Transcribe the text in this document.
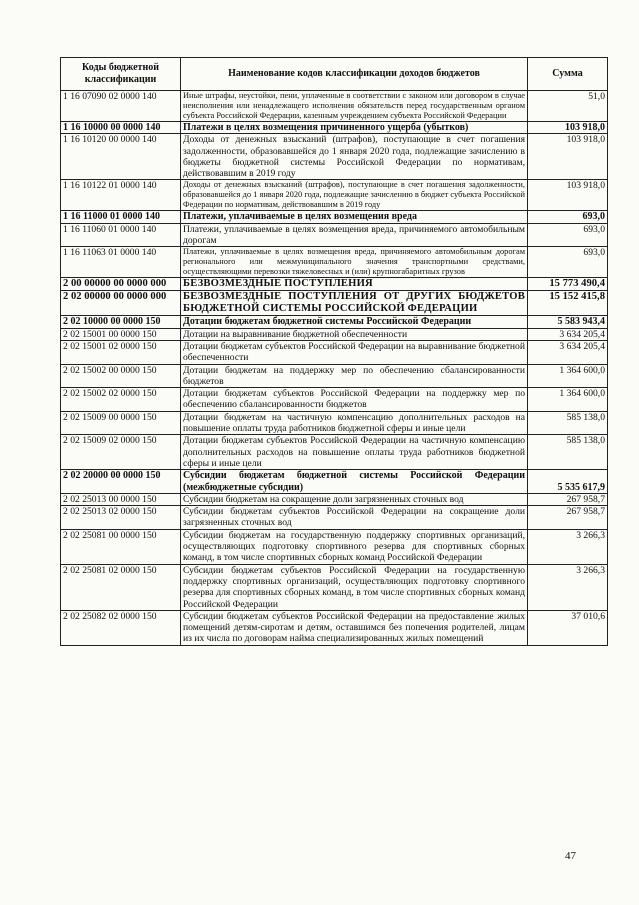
Коды бюджетной классификации	Наименование кодов классификации доходов бюджетов	Сумма
1 16 07090 02 0000 140	Иные штрафы, неустойки, пени, уплаченные в соответствии с законом или договором в случае неисполнения или ненадлежащего исполнения обязательств перед государственным органом субъекта Российской Федерации, казенным учреждением субъекта Российской Федерации	51,0
1 16 10000 00 0000 140	Платежи в целях возмещения причиненного ущерба (убытков)	103 918,0
1 16 10120 00 0000 140	Доходы от денежных взысканий (штрафов), поступающие в счет погашения задолженности, образовавшейся до 1 января 2020 года, подлежащие зачислению в бюджеты бюджетной системы Российской Федерации по нормативам, действовавшим в 2019 году	103 918,0
1 16 10122 01 0000 140	Доходы от денежных взысканий (штрафов), поступающие в счет погашения задолженности, образовавшейся до 1 января 2020 года, подлежащие зачислению в бюджет субъекта Российской Федерации по нормативам, действовавшим в 2019 году	103 918,0
1 16 11000 01 0000 140	Платежи, уплачиваемые в целях возмещения вреда	693,0
1 16 11060 01 0000 140	Платежи, уплачиваемые в целях возмещения вреда, причиняемого автомобильным дорогам	693,0
1 16 11063 01 0000 140	Платежи, уплачиваемые в целях возмещения вреда, причиняемого автомобильным дорогам регионального или межмуниципального значения транспортными средствами, осуществляющими перевозки тяжеловесных и (или) крупногабаритных грузов	693,0
2 00 00000 00 0000 000	БЕЗВОЗМЕЗДНЫЕ ПОСТУПЛЕНИЯ	15 773 490,4
2 02 00000 00 0000 000	БЕЗВОЗМЕЗДНЫЕ ПОСТУПЛЕНИЯ ОТ ДРУГИХ БЮДЖЕТОВ БЮДЖЕТНОЙ СИСТЕМЫ РОССИЙСКОЙ ФЕДЕРАЦИИ	15 152 415,8
2 02 10000 00 0000 150	Дотации бюджетам бюджетной системы Российской Федерации	5 583 943,4
2 02 15001 00 0000 150	Дотации на выравнивание бюджетной обеспеченности	3 634 205,4
2 02 15001 02 0000 150	Дотации бюджетам субъектов Российской Федерации на выравнивание бюджетной обеспеченности	3 634 205,4
2 02 15002 00 0000 150	Дотации бюджетам на поддержку мер по обеспечению сбалансированности бюджетов	1 364 600,0
2 02 15002 02 0000 150	Дотации бюджетам субъектов Российской Федерации на поддержку мер по обеспечению сбалансированности бюджетов	1 364 600,0
2 02 15009 00 0000 150	Дотации бюджетам на частичную компенсацию дополнительных расходов на повышение оплаты труда работников бюджетной сферы и иные цели	585 138,0
2 02 15009 02 0000 150	Дотации бюджетам субъектов Российской Федерации на частичную компенсацию дополнительных расходов на повышение оплаты труда работников бюджетной сферы и иные цели	585 138,0
2 02 20000 00 0000 150	Субсидии бюджетам бюджетной системы Российской Федерации (межбюджетные субсидии)	5 535 617,9
2 02 25013 00 0000 150	Субсидии бюджетам на сокращение доли загрязненных сточных вод	267 958,7
2 02 25013 02 0000 150	Субсидии бюджетам субъектов Российской Федерации на сокращение доли загрязненных сточных вод	267 958,7
2 02 25081 00 0000 150	Субсидии бюджетам на государственную поддержку спортивных организаций, осуществляющих подготовку спортивного резерва для спортивных сборных команд, в том числе спортивных сборных команд Российской Федерации	3 266,3
2 02 25081 02 0000 150	Субсидии бюджетам субъектов Российской Федерации на государственную поддержку спортивных организаций, осуществляющих подготовку спортивного резерва для спортивных сборных команд, в том числе спортивных сборных команд Российской Федерации	3 266,3
2 02 25082 02 0000 150	Субсидии бюджетам субъектов Российской Федерации на предоставление жилых помещений детям-сиротам и детям, оставшимся без попечения родителей, лицам из их числа по договорам найма специализированных жилых помещений	37 010,6
47
